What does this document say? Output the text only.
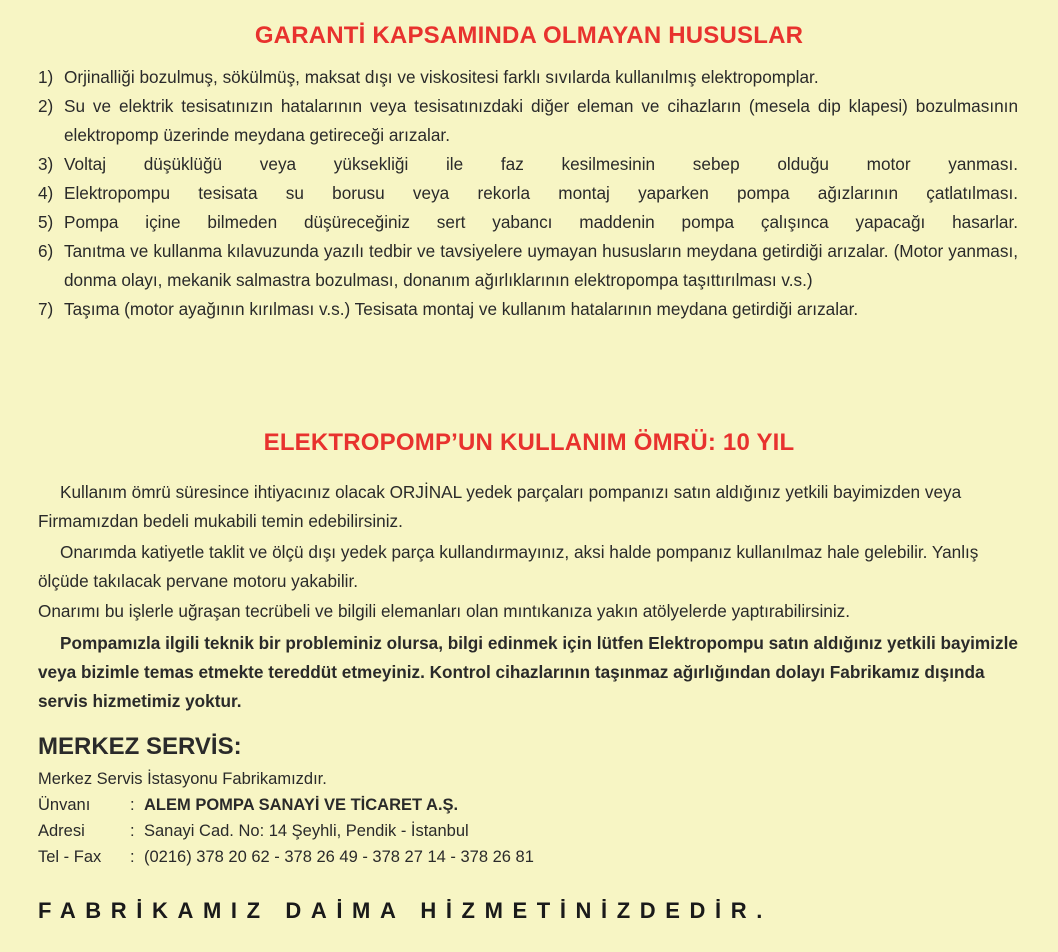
GARANTİ KAPSAMINDA OLMAYAN HUSUSLAR
1) Orjinalliği bozulmuş, sökülmüş, maksat dışı ve viskositesi farklı sıvılarda kullanılmış elektropomplar.
2) Su ve elektrik tesisatınızın hatalarının veya tesisatınızdaki diğer eleman ve cihazların (mesela dip klapesi) bozulmasının elektropomp üzerinde meydana getireceği arızalar.
3) Voltaj düşüklüğü veya yüksekliği ile faz kesilmesinin sebep olduğu motor yanması.
4) Elektropompu tesisata su borusu veya rekorla montaj yaparken pompa ağızlarının çatlatılması.
5) Pompa içine bilmeden düşüreceğiniz sert yabancı maddenin pompa çalışınca yapacağı hasarlar.
6) Tanıtma ve kullanma kılavuzunda yazılı tedbir ve tavsiyelere uymayan hususların meydana getirdiği arızalar. (Motor yanması, donma olayı, mekanik salmastra bozulması, donanım ağırlıklarının elektropompa taşıttırılması v.s.)
7) Taşıma (motor ayağının kırılması v.s.) Tesisata montaj ve kullanım hatalarının meydana getirdiği arızalar.
ELEKTROPOMP’UN KULLANIM ÖMRÜ: 10 YIL

Kullanım ömrü süresince ihtiyacınız olacak ORJİNAL yedek parçaları pompanızı satın aldığınız yetkili bayimizden veya Firmamızdan bedeli mukabili temin edebilirsiniz.

Onarımda katiyetle taklit ve ölçü dışı yedek parça kullandırmayınız, aksi halde pompanız kullanılmaz hale gelebilir. Yanlış ölçüde takılacak pervane motoru yakabilir.

Onarımı bu işlerle uğraşan tecrübeli ve bilgili elemanları olan mıntıkanıza yakın atölyelerde yaptırabilirsiniz.

Pompamızla ilgili teknik bir probleminiz olursa, bilgi edinmek için lütfen Elektropompu satın aldığınız yetkili bayimizle veya bizimle temas etmekte tereddüt etmeyiniz. Kontrol cihazlarının taşınmaz ağırlığından dolayı Fabrikamız dışında servis hizmetimiz yoktur.

MERKEZ SERVİS:
Merkez Servis İstasyonu Fabrikamızdır.
Ünvanı	:	ALEM POMPA SANAYİ VE TİCARET A.Ş.
Adresi	:	Sanayi Cad. No: 14 Şeyhli, Pendik - İstanbul
Tel - Fax	:	(0216) 378 20 62 - 378 26 49 - 378 27 14 - 378 26 81
FABRİKAMIZ DAİMA HİZMETİNİZDEDİR.
